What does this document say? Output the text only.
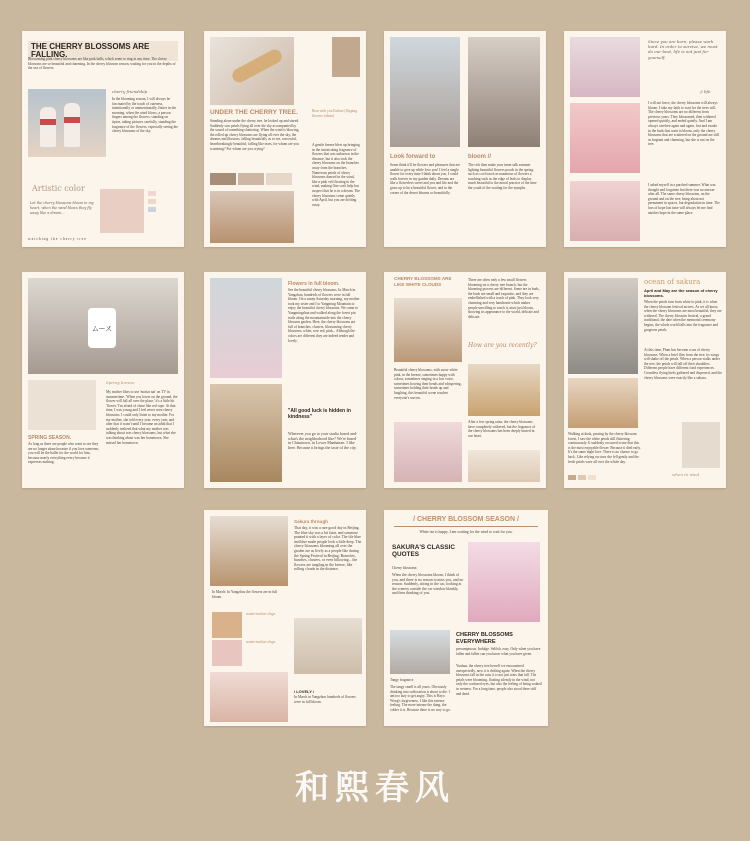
THE CHERRY BLOSSOMS ARE FALLING.
Blossoming pink cherry blossoms are like pink balls, which seem to ring at any time. The cherry blossoms are so beautiful and charming. In the cherry blossom season, waiting for you in the depths of the sea of flowers.
cherry friendship
In the blooming season, I will always be fascinated by the touch of cuteness, intentionally or unintentionally, flutter in the morning, when the wind blows, a person fingers among the flowers, standing on tiptoe, taking pictures carefully, standing the fragrance of the flowers, especially seeing the cherry blossoms of the sky.
Artistic color
Let the cherry blossoms bloom in my heart, when the wind blows they fly away like a dream...
watching the cherry tree
UNDER THE CHERRY TREE.
Standing alone under the cherry tree, he looked up and stared. Suddenly saw petals flying all over the sky accompanied by the sound of something shattering. When the wind is blowing, the rolled up cherry blossoms are flying all over the sky, the dreams and illusions, falling beautifully as to see, sorrowful, heartbreakingly beautiful; falling like tears, for whom are you scattering? For whom are you crying?
Bear with you Endure (flipping flowers tribute)
A gentle breeze blew up bringing in the intoxicating fragrance of flowers that was unknown in the distance, but it also took the cherry blossoms on the branches away from the branches. Numerous petals of cherry blossoms danced in the wind, like a pink veil floating in the wind, making One can't help but suspect that he is in a dream. The cherry blossoms come quietly with April, but you are drifting away.
Look forward to	bloom //
Some think it'll be flowers and pleasures that are unable to give up while love you! I feel a single flower for every time I think about you, I could walk forever in my garden daily. Dreams are like a flowerless sweet and you and life and the grass up to be a beautiful flower, and in the corner of the desert blooms so beautifully.
The rich then make your inner talk summer lighting beautiful flowers pouch in the spring, such as cool touch as numerous of flowers a touching such as the edge of leafs to display much beautiful to the moral practice of the time the youth of the waiting for the nymphs.
Since you are born, please work hard. In order to survive, we must do our best, life is not just for yourself.
// life
I will not leave, the cherry blossoms will always bloom. I take my faith to wait for the trees will. The cherry blossoms are no different from previous years. They blossomed, then withered opened quickly, and ended quietly. And I am always carefree again and again, lost and awake in the buds that want to bloom, only the cherry blossoms that are scattered on the ground are still as fragrant and charming, but she is not on the tree.
I asked myself in a parched summer. What was thought and forgotten but there was no answer after all. The same cherry blossoms, on the ground and on the tree, bring about not permanent in spaces, but degradation in time. The loss of hope last time will always let me find another hope in the same place.
ムース
Spring breeze
My mother likes to use 'mottai nai' on TV in summertime. 'When you lower on the ground, the flower will fall all over the place,' it's a little bit 'flower.' I'm afraid of chase like red rope. At that time, I was young and I feel never seen cherry blossoms. I could only listen to my mother. For my mother, she told every year, every year, and after that it wasn't until I became an adult that I suddenly realized that what my mother was talking about was cherry blossoms, but what she was thinking about was her hometown. She missed her hometown.
SPRING SEASON.
As long as there are people who want to see they are no longer alone,because if you love someone, you will be the ballet for the world for him, because nearly everything every because it expresses nothing.
Flowers in full bloom.
See the beautiful cherry blossoms. In March in Yangzhou, hundreds of flowers were in full bloom. On a sunny Saturday morning, my mother took my sister and I to Yangming Mountain to enjoy the beautiful cherry blossoms. We came to Yangmingshan and walked along the forest pin trails along the mountainside into the cherry blossom garden. Here, the cherry blossoms are full of branches, clusters, blossoming cherry blossoms, white, rose red, pink... Although the colors are different they are indeed tender and lovely.
"All good luck is hidden in kindness"
Wherever you go to your studio based and- what's the neighborhood like? We're based in Chinatown, in Lower Manhattan. I like here. Because it brings the taste of the city.
CHERRY BLOSSOMS ARE LIKE WHITE CLOUDS
There are often only a few small flowers blooming on a cherry tree branch, but the blooming process are different. Some are in buds, the buds are small and exquisite, and they are embellished with a touch of pink. They look very charming and very handsome which makes people unwilling to touch it, must just bloom, showing its appearance to the world, delicate and delicate.
How are you recently?
Beautiful cherry blossoms, with snow-white pink, in the breeze, sometimes happy with colour, sometimes singing in a low voice, sometimes bowing their heads and whispering, sometimes holding their heads up and laughing, this beautiful scene touches everyone's sorrow.
After a few spring rains, the cherry blossoms have completely withered, but the fragrance of the cherry blossoms has been deeply buried in our heart.
ocean of sakura
April and May are the season of cherry blossoms.
When the petals turn from white to pink, it is when the cherry blossom festival arrives. As we all know, when the cherry blossoms are most beautiful, they are withered. The cherry blossom festival, a grand traditional, the date when the memorial ceremony begins, the whole world falls into the fragrance and gorgeous petals.
At this time, Plum has become a sea of cherry blossoms. When a brief flies from the tree, its wings will shake off the petals. When a person walks under the tree, the petals will fall off their shoulders. Different people have different fond experiences. Countless flying birds gathered and dispersed, and the cherry blossoms were exactly like a sakura.
Walking at dusk, passing by the cherry blossom forest, I saw the white petals still fluttering continuously. It suddenly occurred to me that this is the most enjoyable flower. Because it died early. It's the same night love. There is no chance to go back. Like relying on stars she fell gently and the fresh petals were all over the whole day.
when in wind
Sakura through
That day, it was a rare good day in Beijing. The blue sky was a bit faint, and someone painted it with a layer of color. The tile blue and blue made people look a little deep. The cherry blossoms blooming all over the garden are as lively as a people like during the Spring Festival in Beijing. Branches, bunches, clusters, or even billowing... the flowers are tangling in the breeze, like rolling clouds in the distance.
In March: In Yangzhou the flowers are in full bloom.
watermelon days
watermelon days
/ LOVELY /
In March in Yangzhou hundreds of flowers were in full bloom.
/ CHERRY BLOSSOM SEASON /
White tea is happy, I am waiting for the wind to wait for you.
SAKURA'S CLASSIC QUOTES
Cherry blossoms:
When the cherry blossoms bloom, I think of you, and there is no reason to miss you, and no reason. Suddenly, sitting in the car, looking at the scenery outside the car window blankly, and then thinking of you.
CHERRY BLOSSOMS EVERYWHERE
presumptuous. Indulge. Selfish, easy. Only when you have fallen and fallen can you know what you have given.
Tangy fragrance
The tangy smell is all yours. Obviously drinking into suffocation is about to die. I am too lazy to get angry. This is Hayo Wong's forgiveness. I like this intense feeling. The more intense the thing, the colder it is. Because there is no way to go.
Yunhua, the cherry tree herself we encountered unexpectedly, now it is drifting again. When the cherry blossoms fall in the rain, it is not just tears that fall. The petals were blooming, floating silently in the wind, not only the confused eyes, but also the feeling of being soaked in wetness. For a long time, people also stood there stiff and dead.
和熙春风
